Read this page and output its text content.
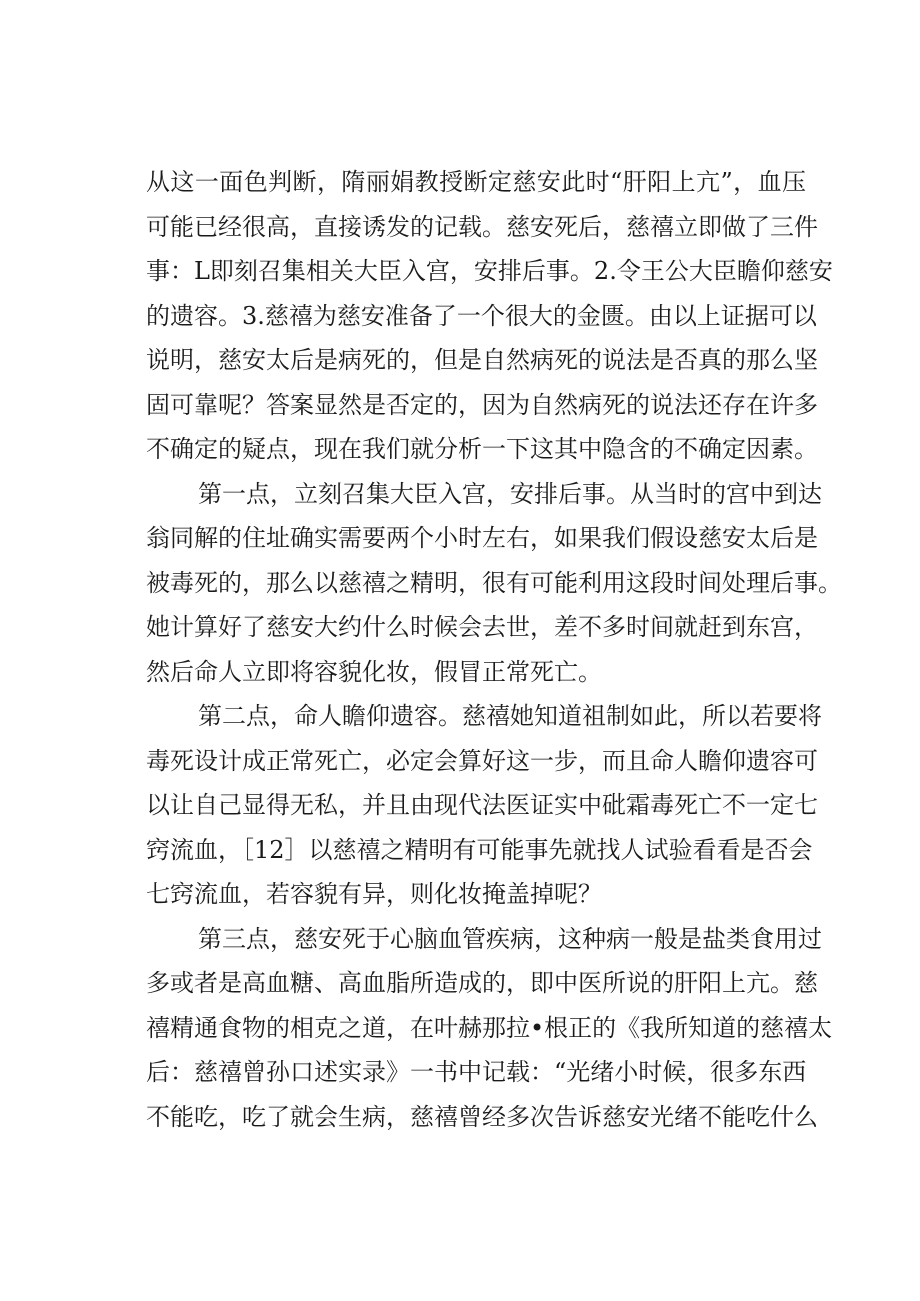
从这一面色判断，隋丽娟教授断定慈安此时“肝阳上亢”，血压
可能已经很高，直接诱发的记载。慈安死后，慈禧立即做了三件
事：L即刻召集相关大臣入宫，安排后事。2.令王公大臣瞻仰慈安
的遗容。3.慈禧为慈安准备了一个很大的金匮。由以上证据可以
说明，慈安太后是病死的，但是自然病死的说法是否真的那么坚
固可靠呢？答案显然是否定的，因为自然病死的说法还存在许多
不确定的疑点，现在我们就分析一下这其中隐含的不确定因素。
第一点，立刻召集大臣入宫，安排后事。从当时的宫中到达
翁同解的住址确实需要两个小时左右，如果我们假设慈安太后是
被毒死的，那么以慈禧之精明，很有可能利用这段时间处理后事。
她计算好了慈安大约什么时候会去世，差不多时间就赶到东宫，
然后命人立即将容貌化妆，假冒正常死亡。
第二点，命人瞻仰遗容。慈禧她知道祖制如此，所以若要将
毒死设计成正常死亡，必定会算好这一步，而且命人瞻仰遗容可
以让自己显得无私，并且由现代法医证实中砒霜毒死亡不一定七
窍流血，［12］以慈禧之精明有可能事先就找人试验看看是否会
七窍流血，若容貌有异，则化妆掩盖掉呢？
第三点，慈安死于心脑血管疾病，这种病一般是盐类食用过
多或者是高血糖、高血脂所造成的，即中医所说的肝阳上亢。慈
禧精通食物的相克之道，在叶赫那拉•根正的《我所知道的慈禧太
后：慈禧曾孙口述实录》一书中记载：“光绪小时候，很多东西
不能吃，吃了就会生病，慈禧曾经多次告诉慈安光绪不能吃什么
